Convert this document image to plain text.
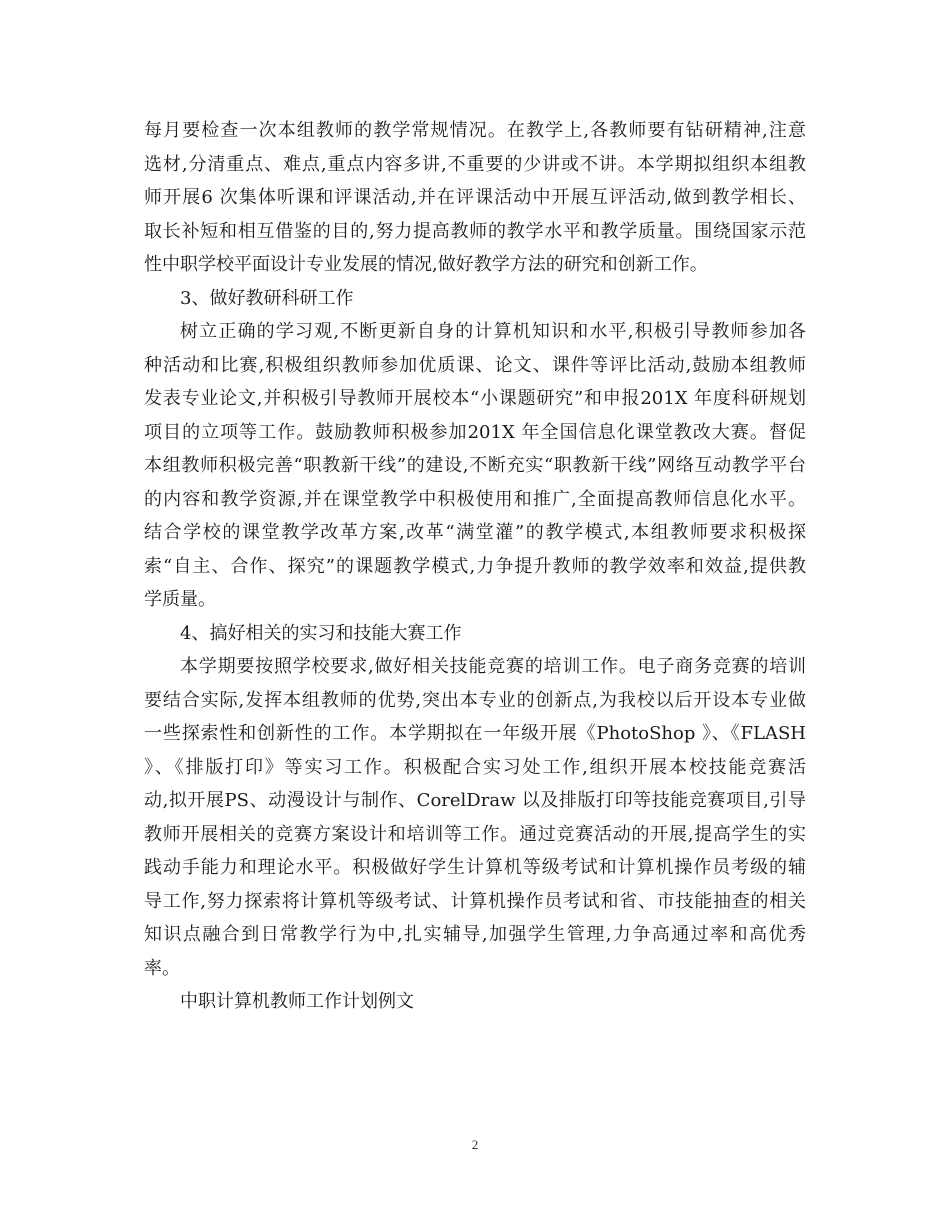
每月要检查一次本组教师的教学常规情况。在教学上,各教师要有钻研精神,注意
选材,分清重点、难点,重点内容多讲,不重要的少讲或不讲。本学期拟组织本组教
师开展6 次集体听课和评课活动,并在评课活动中开展互评活动,做到教学相长、
取长补短和相互借鉴的目的,努力提高教师的教学水平和教学质量。围绕国家示范
性中职学校平面设计专业发展的情况,做好教学方法的研究和创新工作。
3、做好教研科研工作
树立正确的学习观,不断更新自身的计算机知识和水平,积极引导教师参加各
种活动和比赛,积极组织教师参加优质课、论文、课件等评比活动,鼓励本组教师
发表专业论文,并积极引导教师开展校本“小课题研究”和申报201X 年度科研规划
项目的立项等工作。鼓励教师积极参加201X 年全国信息化课堂教改大赛。督促
本组教师积极完善“职教新干线”的建设,不断充实“职教新干线”网络互动教学平台
的内容和教学资源,并在课堂教学中积极使用和推广,全面提高教师信息化水平。
结合学校的课堂教学改革方案,改革“满堂灌”的教学模式,本组教师要求积极探
索“自主、合作、探究”的课题教学模式,力争提升教师的教学效率和效益,提供教
学质量。
4、搞好相关的实习和技能大赛工作
本学期要按照学校要求,做好相关技能竞赛的培训工作。电子商务竞赛的培训
要结合实际,发挥本组教师的优势,突出本专业的创新点,为我校以后开设本专业做
一些探索性和创新性的工作。本学期拟在一年级开展《PhotoShop 》、《FLASH
》、《排版打印》等实习工作。积极配合实习处工作,组织开展本校技能竞赛活
动,拟开展PS、动漫设计与制作、CorelDraw 以及排版打印等技能竞赛项目,引导
教师开展相关的竞赛方案设计和培训等工作。通过竞赛活动的开展,提高学生的实
践动手能力和理论水平。积极做好学生计算机等级考试和计算机操作员考级的辅
导工作,努力探索将计算机等级考试、计算机操作员考试和省、市技能抽查的相关
知识点融合到日常教学行为中,扎实辅导,加强学生管理,力争高通过率和高优秀
率。
中职计算机教师工作计划例文
2
